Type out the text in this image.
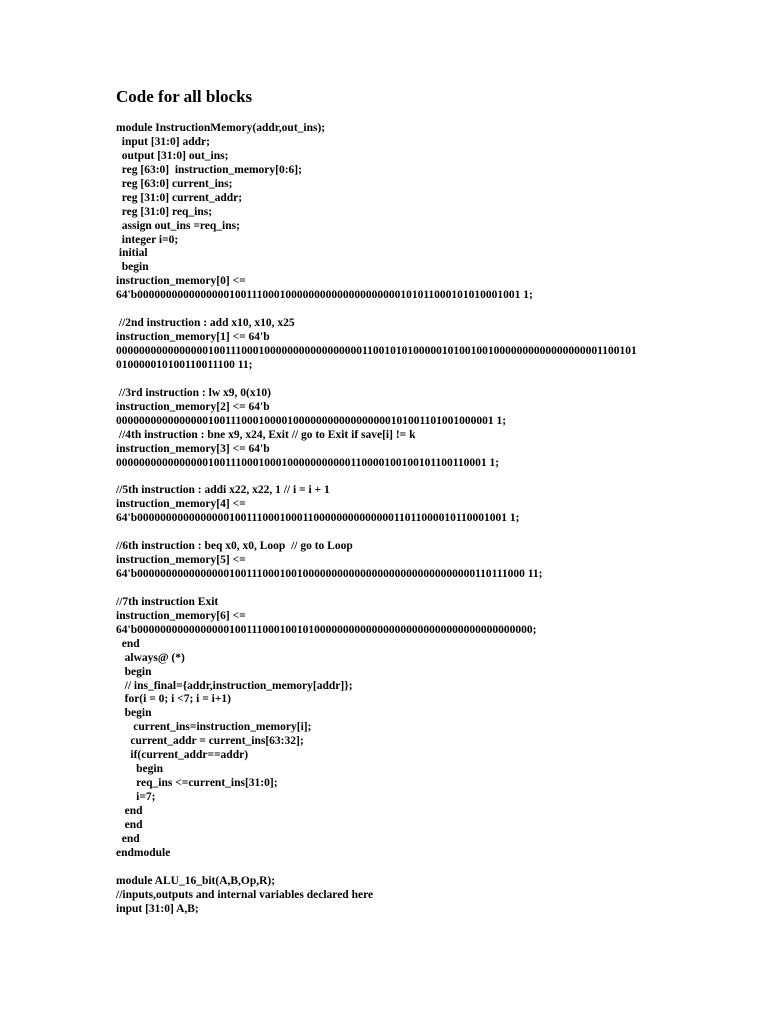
Code for all blocks
module InstructionMemory(addr,out_ins);
input [31:0] addr;
output [31:0] out_ins;
reg [63:0]  instruction_memory[0:6];
reg [63:0] current_ins;
reg [31:0] current_addr;
reg [31:0] req_ins;
assign out_ins =req_ins;
integer i=0;
initial
begin
instruction_memory[0] <=
64'b0000000000000000100111000100000000000000000000101011000101010001001 1;
//2nd instruction : add x10, x10, x25
instruction_memory[1] <= 64'b
0000000000000000100111000100000000000000000110010101000001010010010000000000000000001100101
010000010100110011100 11;
//3rd instruction : lw x9, 0(x10)
instruction_memory[2] <= 64'b
000000000000000010011100010000100000000000000000101001101001000001 1;
//4th instruction : bne x9, x24, Exit // go to Exit if save[i] != k
instruction_memory[3] <= 64'b
00000000000000001001110001000100000000000110000100100101100110001 1;
//5th instruction : addi x22, x22, 1 // i = i + 1
instruction_memory[4] <=
64'b00000000000000001001110001000110000000000000011011000010110001001 1;
//6th instruction : beq x0, x0, Loop  // go to Loop
instruction_memory[5] <=
64'b00000000000000001001110001001000000000000000000000000000000110111000 11;
//7th instruction Exit
instruction_memory[6] <=
64'b000000000000000010011100010010100000000000000000000000000000000000000;
end
always@ (*)
begin
// ins_final={addr,instruction_memory[addr]};
for(i = 0; i <7; i = i+1)
begin
current_ins=instruction_memory[i];
current_addr = current_ins[63:32];
if(current_addr==addr)
begin
req_ins <=current_ins[31:0];
i=7;
end
end
end
endmodule
module ALU_16_bit(A,B,Op,R);
//inputs,outputs and internal variables declared here
input [31:0] A,B;
